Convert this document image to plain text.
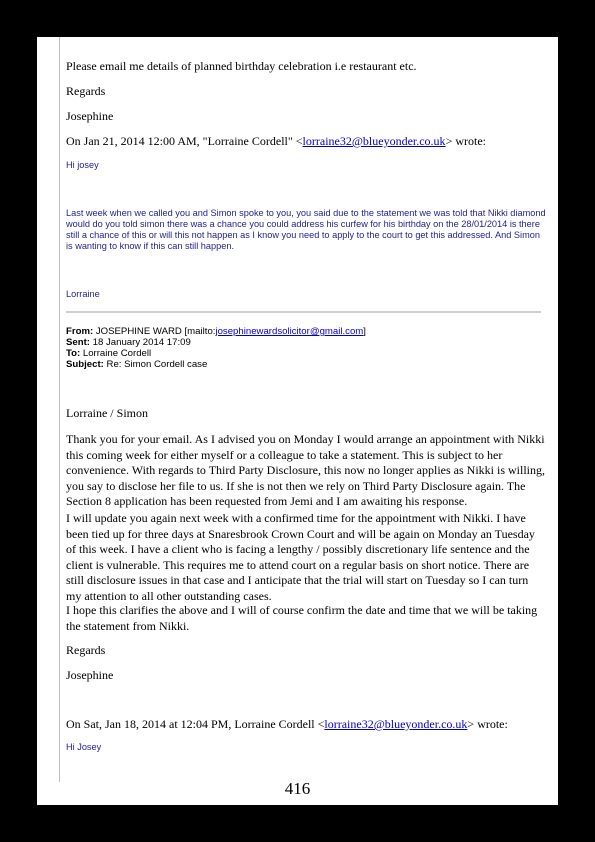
Please email me details of planned birthday celebration i.e restaurant etc.
Regards
Josephine
On Jan 21, 2014 12:00 AM, "Lorraine Cordell" <lorraine32@blueyonder.co.uk> wrote:
Hi josey
Last week when we called you and Simon spoke to you, you said due to the statement we was told that Nikki diamond would do you told simon there was a chance you could address his curfew for his birthday on the 28/01/2014 is there still a chance of this or will this not happen as I know you need to apply to the court to get this addressed. And Simon is wanting to know if this can still happen.
Lorraine
From: JOSEPHINE WARD [mailto:josephinewardsolicitor@gmail.com]
Sent: 18 January 2014 17:09
To: Lorraine Cordell
Subject: Re: Simon Cordell case
Lorraine / Simon
Thank you for your email. As I advised you on Monday I would arrange an appointment with Nikki this coming week for either myself or a colleague to take a statement. This is subject to her convenience. With regards to Third Party Disclosure, this now no longer applies as Nikki is willing, you say to disclose her file to us. If she is not then we rely on Third Party Disclosure again. The Section 8 application has been requested from Jemi and I am awaiting his response.
I will update you again next week with a confirmed time for the appointment with Nikki. I have been tied up for three days at Snaresbrook Crown Court and will be again on Monday an Tuesday of this week. I have a client who is facing a lengthy / possibly discretionary life sentence and the client is vulnerable. This requires me to attend court on a regular basis on short notice. There are still disclosure issues in that case and I anticipate that the trial will start on Tuesday so I can turn my attention to all other outstanding cases.
I hope this clarifies the above and I will of course confirm the date and time that we will be taking the statement from Nikki.
Regards
Josephine
On Sat, Jan 18, 2014 at 12:04 PM, Lorraine Cordell <lorraine32@blueyonder.co.uk> wrote:
Hi Josey
416
